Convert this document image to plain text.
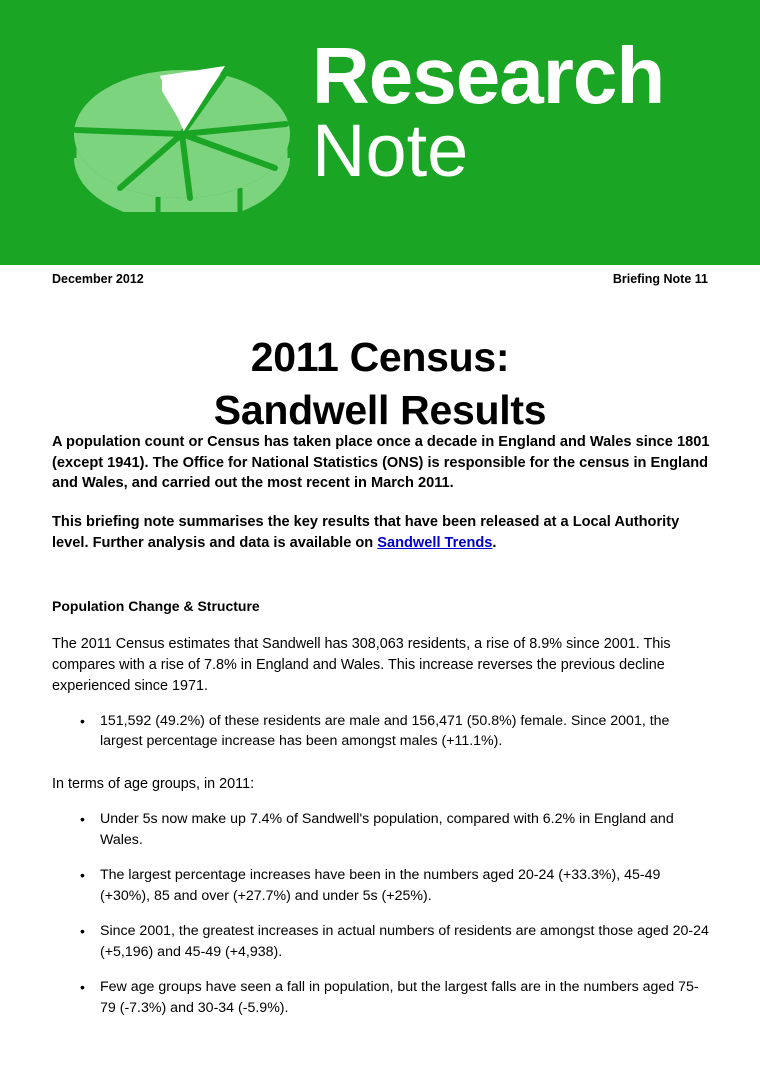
Research
Note
December 2012	Briefing Note 11
2011 Census:
Sandwell Results

A population count or Census has taken place once a decade in England and Wales since 1801 (except 1941). The Office for National Statistics (ONS) is responsible for the census in England and Wales, and carried out the most recent in March 2011.

This briefing note summarises the key results that have been released at a Local Authority level. Further analysis and data is available on Sandwell Trends.

Population Change & Structure

The 2011 Census estimates that Sandwell has 308,063 residents, a rise of 8.9% since 2001. This compares with a rise of 7.8% in England and Wales. This increase reverses the previous decline experienced since 1971.

• 151,592 (49.2%) of these residents are male and 156,471 (50.8%) female. Since 2001, the largest percentage increase has been amongst males (+11.1%).

In terms of age groups, in 2011:

• Under 5s now make up 7.4% of Sandwell's population, compared with 6.2% in England and Wales.
• The largest percentage increases have been in the numbers aged 20-24 (+33.3%), 45-49 (+30%), 85 and over (+27.7%) and under 5s (+25%).
• Since 2001, the greatest increases in actual numbers of residents are amongst those aged 20-24 (+5,196) and 45-49 (+4,938).
• Few age groups have seen a fall in population, but the largest falls are in the numbers aged 75-79 (-7.3%) and 30-34 (-5.9%).
